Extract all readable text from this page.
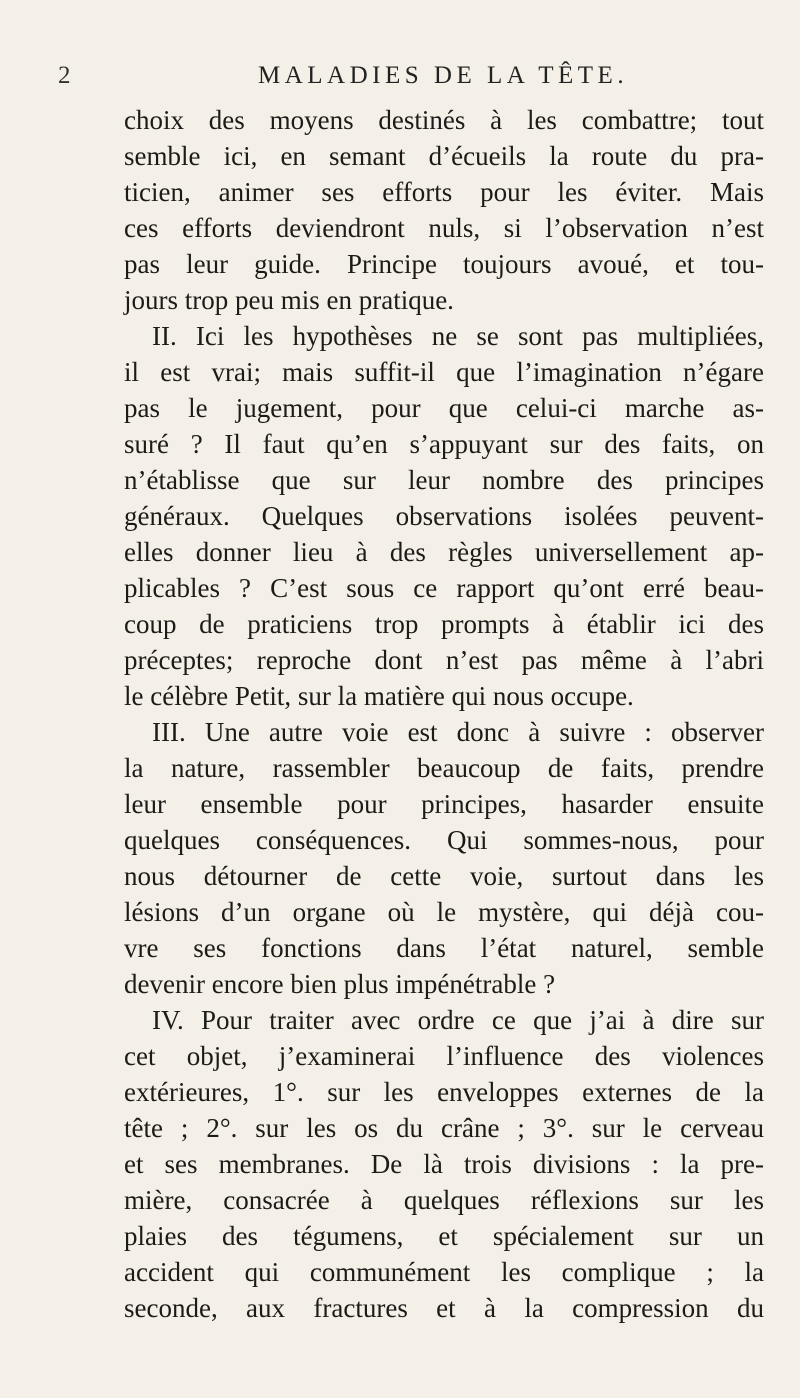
2	MALADIES DE LA TÊTE.
choix des moyens destinés à les combattre; tout
semble ici, en semant d’écueils la route du pra-
ticien, animer ses efforts pour les éviter. Mais
ces efforts deviendront nuls, si l’observation n’est
pas leur guide. Principe toujours avoué, et tou-
jours trop peu mis en pratique.
II. Ici les hypothèses ne se sont pas multipliées,
il est vrai; mais suffit-il que l’imagination n’égare
pas le jugement, pour que celui-ci marche as-
suré ? Il faut qu’en s’appuyant sur des faits, on
n’établisse que sur leur nombre des principes
généraux. Quelques observations isolées peuvent-
elles donner lieu à des règles universellement ap-
plicables ? C’est sous ce rapport qu’ont erré beau-
coup de praticiens trop prompts à établir ici des
préceptes; reproche dont n’est pas même à l’abri
le célèbre Petit, sur la matière qui nous occupe.
III. Une autre voie est donc à suivre : observer
la nature, rassembler beaucoup de faits, prendre
leur ensemble pour principes, hasarder ensuite
quelques conséquences. Qui sommes-nous, pour
nous détourner de cette voie, surtout dans les
lésions d’un organe où le mystère, qui déjà cou-
vre ses fonctions dans l’état naturel, semble
devenir encore bien plus impénétrable ?
IV. Pour traiter avec ordre ce que j’ai à dire sur
cet objet, j’examinerai l’influence des violences
extérieures, 1°. sur les enveloppes externes de la
tête ; 2°. sur les os du crâne ; 3°. sur le cerveau
et ses membranes. De là trois divisions : la pre-
mière, consacrée à quelques réflexions sur les
plaies des tégumens, et spécialement sur un
accident qui communément les complique ; la
seconde, aux fractures et à la compression du
